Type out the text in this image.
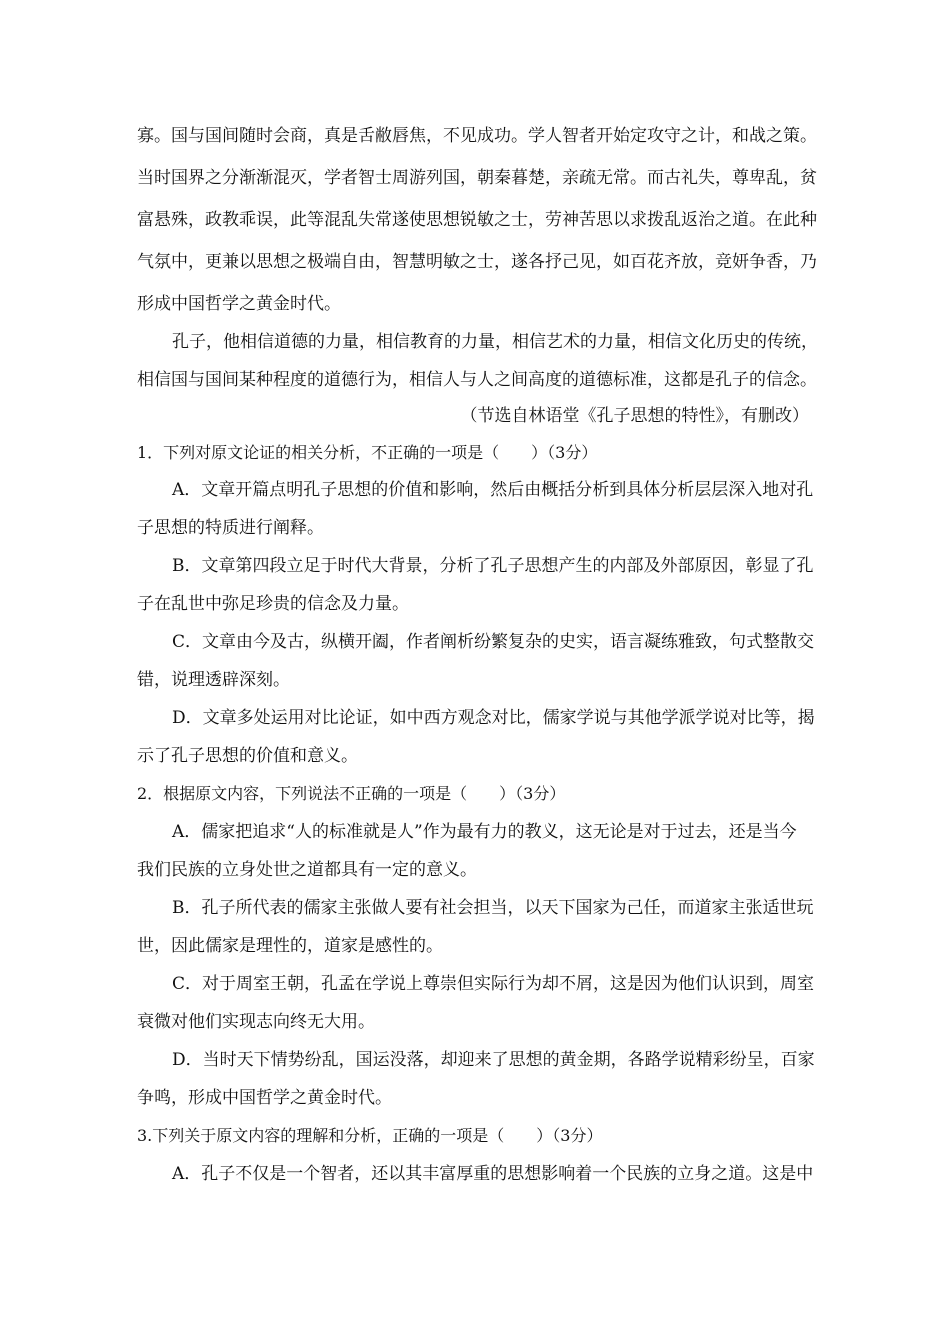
寡。国与国间随时会商，真是舌敝唇焦，不见成功。学人智者开始定攻守之计，和战之策。
当时国界之分渐渐混灭，学者智士周游列国，朝秦暮楚，亲疏无常。而古礼失，尊卑乱，贫
富悬殊，政教乖误，此等混乱失常遂使思想锐敏之士，劳神苦思以求拨乱返治之道。在此种
气氛中，更兼以思想之极端自由，智慧明敏之士，遂各抒己见，如百花齐放，竞妍争香，乃
形成中国哲学之黄金时代。
孔子，他相信道德的力量，相信教育的力量，相信艺术的力量，相信文化历史的传统，
相信国与国间某种程度的道德行为，相信人与人之间高度的道德标准，这都是孔子的信念。
（节选自林语堂《孔子思想的特性》，有删改）
1．下列对原文论证的相关分析，不正确的一项是（　　）（3分）
A．文章开篇点明孔子思想的价值和影响，然后由概括分析到具体分析层层深入地对孔
子思想的特质进行阐释。
B．文章第四段立足于时代大背景，分析了孔子思想产生的内部及外部原因，彰显了孔
子在乱世中弥足珍贵的信念及力量。
C．文章由今及古，纵横开阖，作者阐析纷繁复杂的史实，语言凝练雅致，句式整散交
错，说理透辟深刻。
D．文章多处运用对比论证，如中西方观念对比，儒家学说与其他学派学说对比等，揭
示了孔子思想的价值和意义。
2．根据原文内容，下列说法不正确的一项是（　　）（3分）
A．儒家把追求“人的标准就是人”作为最有力的教义，这无论是对于过去，还是当今
我们民族的立身处世之道都具有一定的意义。
B．孔子所代表的儒家主张做人要有社会担当，以天下国家为己任，而道家主张适世玩
世，因此儒家是理性的，道家是感性的。
C．对于周室王朝，孔孟在学说上尊崇但实际行为却不屑，这是因为他们认识到，周室
衰微对他们实现志向终无大用。
D．当时天下情势纷乱，国运没落，却迎来了思想的黄金期，各路学说精彩纷呈，百家
争鸣，形成中国哲学之黄金时代。
3.下列关于原文内容的理解和分析，正确的一项是（　　）（3分）
A．孔子不仅是一个智者，还以其丰富厚重的思想影响着一个民族的立身之道。这是中
